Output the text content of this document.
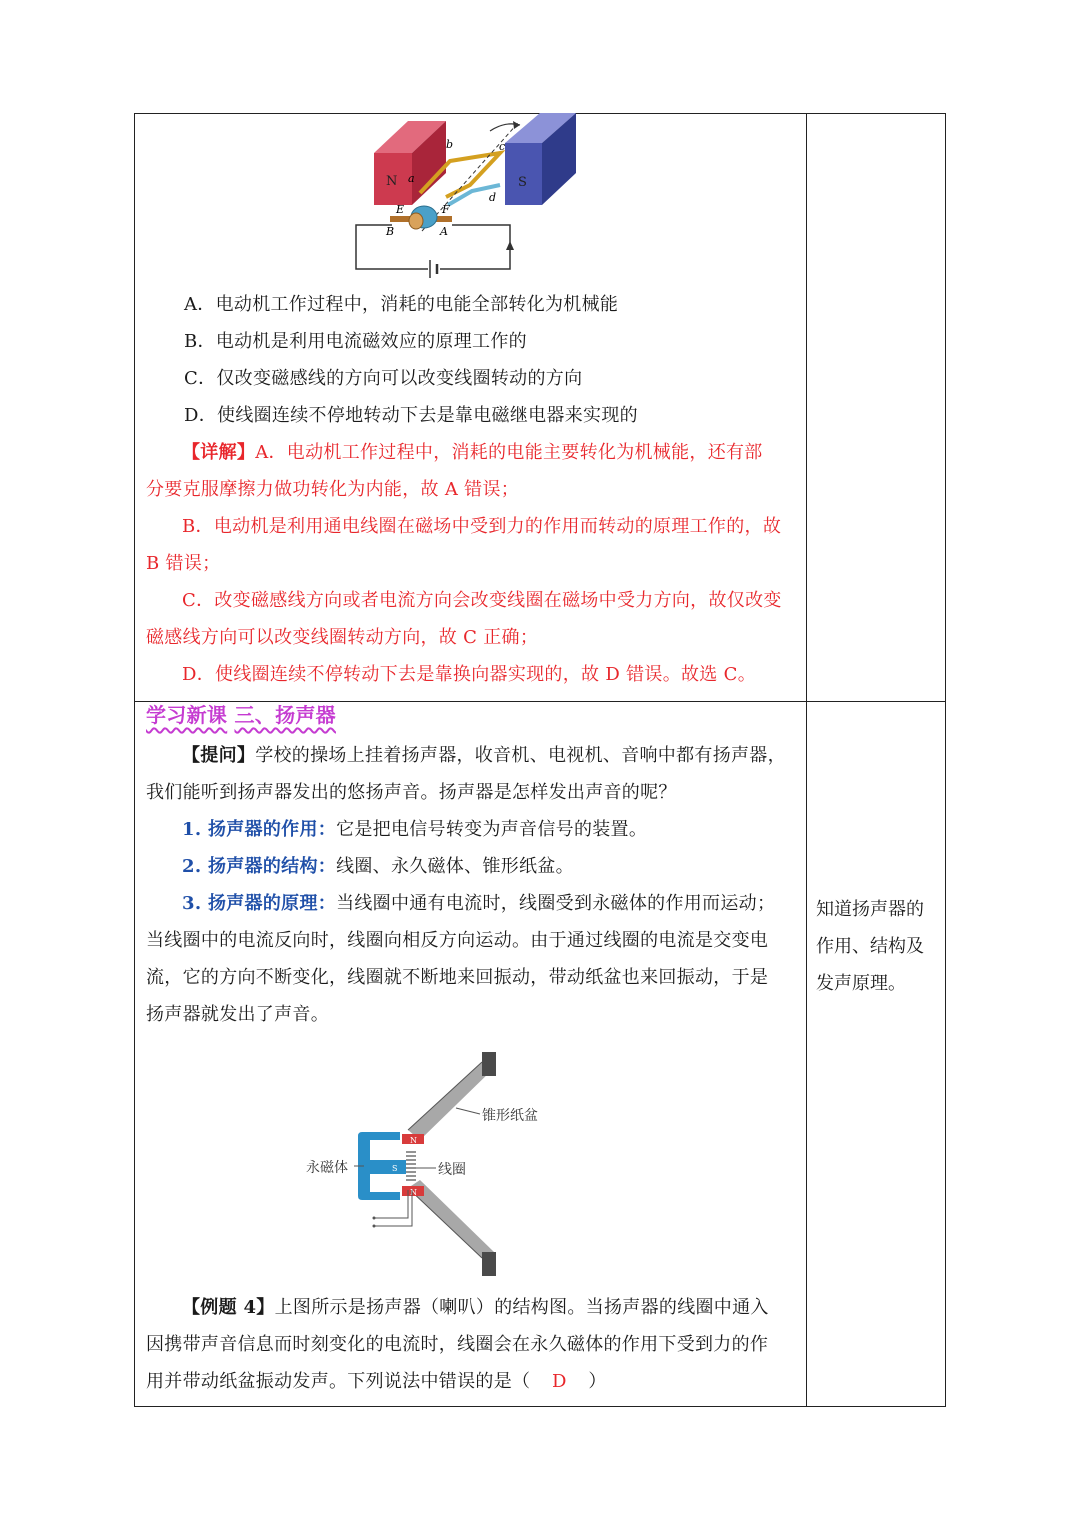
N	S
a
b	c
d
E	F
B	A
A．电动机工作过程中，消耗的电能全部转化为机械能
B．电动机是利用电流磁效应的原理工作的
C．仅改变磁感线的方向可以改变线圈转动的方向
D．使线圈连续不停地转动下去是靠电磁继电器来实现的
【详解】A．电动机工作过程中，消耗的电能主要转化为机械能，还有部
分要克服摩擦力做功转化为内能，故 A 错误；
B．电动机是利用通电线圈在磁场中受到力的作用而转动的原理工作的，故
B 错误；
C．改变磁感线方向或者电流方向会改变线圈在磁场中受力方向，故仅改变
磁感线方向可以改变线圈转动方向，故 C 正确；
D．使线圈连续不停转动下去是靠换向器实现的，故 D 错误。故选 C。
学习新课 三、扬声器
【提问】学校的操场上挂着扬声器，收音机、电视机、音响中都有扬声器，
我们能听到扬声器发出的悠扬声音。扬声器是怎样发出声音的呢？
1. 扬声器的作用：它是把电信号转变为声音信号的装置。
2. 扬声器的结构：线圈、永久磁体、锥形纸盆。
3. 扬声器的原理：当线圈中通有电流时，线圈受到永磁体的作用而运动；
当线圈中的电流反向时，线圈向相反方向运动。由于通过线圈的电流是交变电
流，它的方向不断变化，线圈就不断地来回振动，带动纸盆也来回振动，于是
扬声器就发出了声音。
N
S
N
锥形纸盆
永磁体	线圈
【例题 4】上图所示是扬声器（喇叭）的结构图。当扬声器的线圈中通入
因携带声音信息而时刻变化的电流时，线圈会在永久磁体的作用下受到力的作
用并带动纸盆振动发声。下列说法中错误的是（ D ）
知道扬声器的
作用、结构及
发声原理。
